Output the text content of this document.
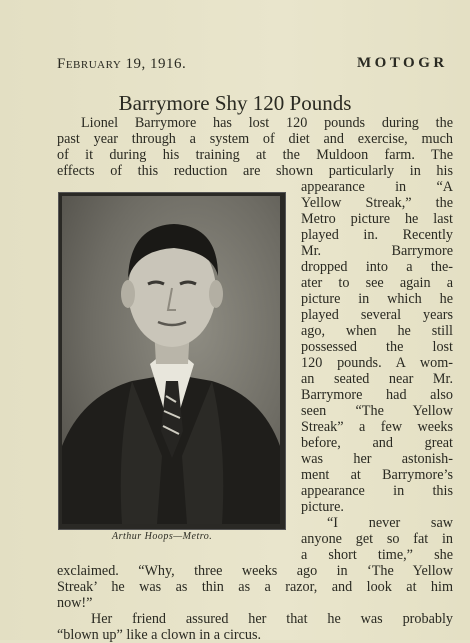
February 19, 1916.	MOTOGR
Barrymore Shy 120 Pounds
Lionel Barrymore has lost 120 pounds during the
past year through a system of diet and exercise, much
of it during his training at the Muldoon farm. The
effects of this reduction are shown particularly in his
appearance in “A
Yellow Streak,” the
Metro picture he last
played in. Recently
Mr. Barrymore
dropped into a the-
ater to see again a
picture in which he
played several years
ago, when he still
possessed the lost
120 pounds. A wom-
an seated near Mr.
Barrymore had also
seen “The Yellow
Streak” a few weeks
before, and great
was her astonish-
ment at Barrymore’s
appearance in this
picture.
“I never saw
anyone get so fat in
a short time,” she
exclaimed. “Why, three weeks ago in ‘The Yellow
Streak’ he was as thin as a razor, and look at him
now!”
Her friend assured her that he was probably
“blown up” like a clown in a circus.
Arthur Hoops—Metro.
